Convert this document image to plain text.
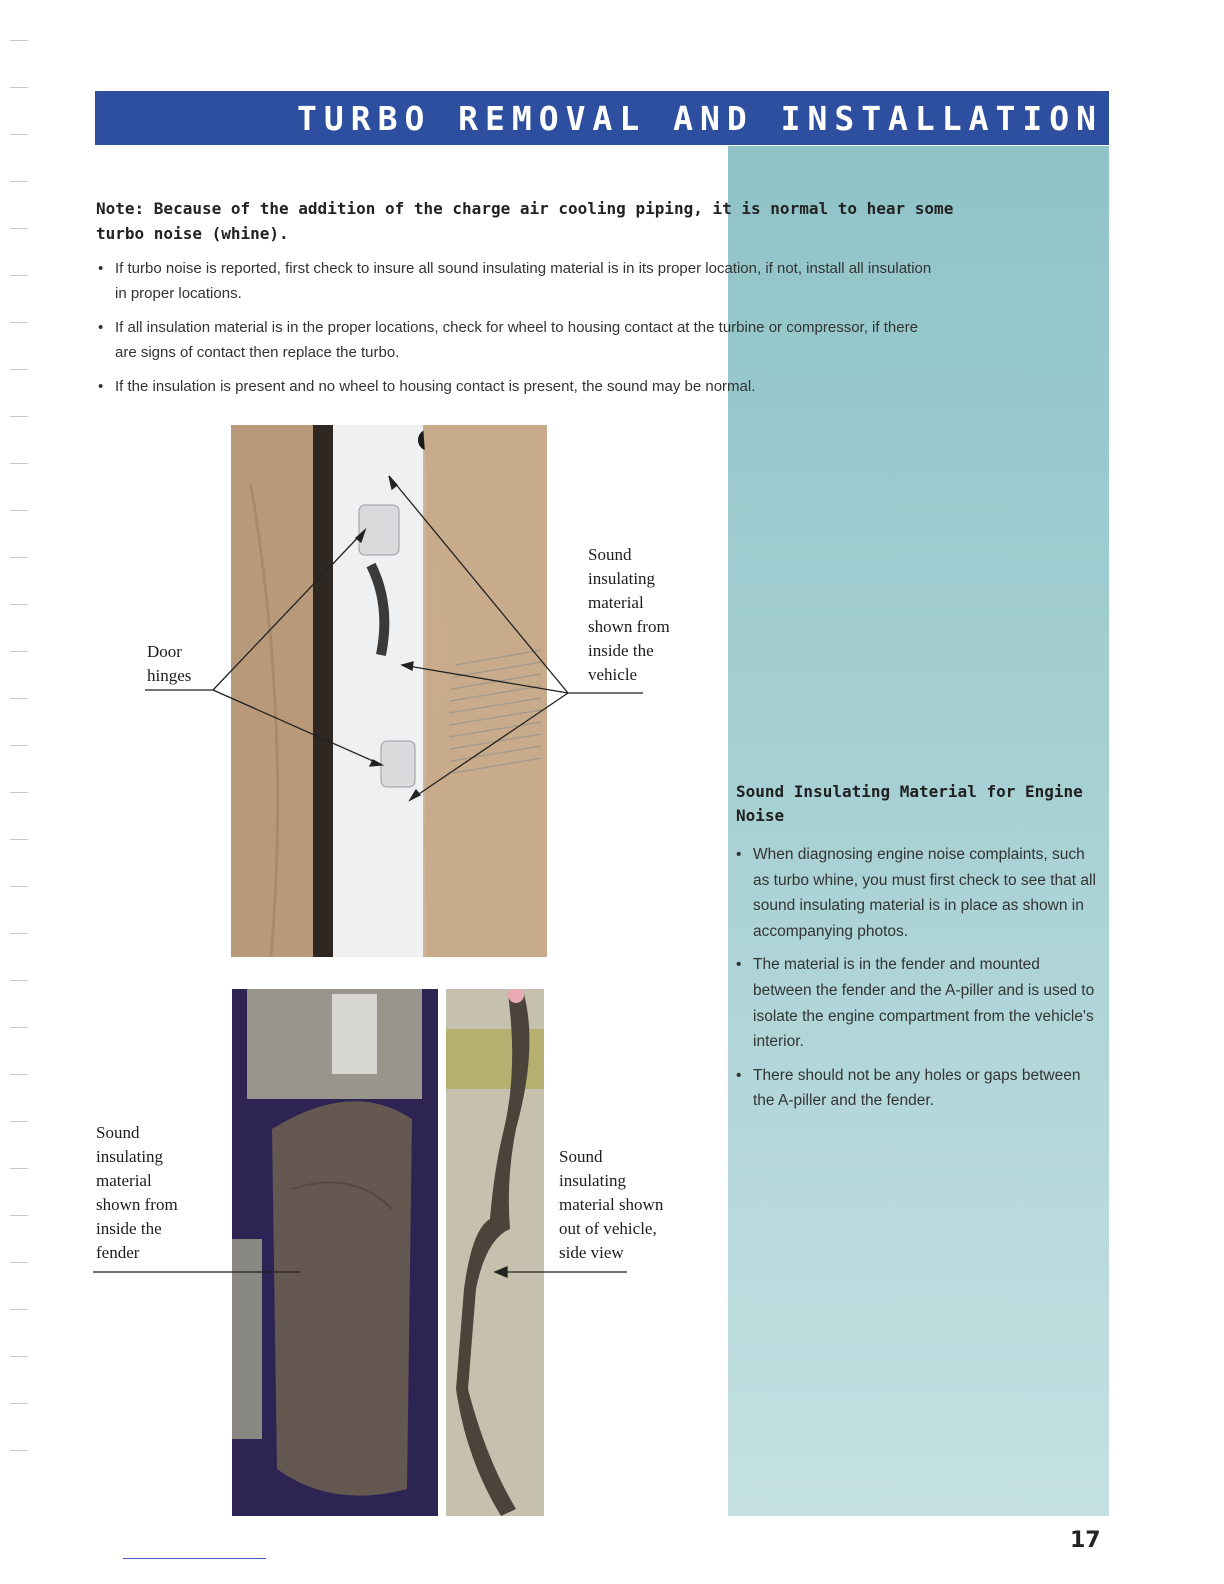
TURBO REMOVAL AND INSTALLATION
Note: Because of the addition of the charge air cooling piping, it is normal to hear some turbo noise (whine).
• If turbo noise is reported, first check to insure all sound insulating material is in its proper location, if not, install all insulation in proper locations.
• If all insulation material is in the proper locations, check for wheel to housing contact at the turbine or compressor, if there are signs of contact then replace the turbo.
• If the insulation is present and no wheel to housing contact is present, the sound may be normal.
Door
hinges
Sound
insulating
material
shown from
inside the
vehicle
Sound
insulating
material
shown from
inside the
fender
Sound
insulating
material shown
out of vehicle,
side view
Sound Insulating Material for Engine Noise
• When diagnosing engine noise complaints, such as turbo whine, you must first check to see that all sound insulating material is in place as shown in accompanying photos.
• The material is in the fender and mounted between the fender and the A-piller and is used to isolate the engine compartment from the vehicle's interior.
• There should not be any holes or gaps between the A-piller and the fender.
17
